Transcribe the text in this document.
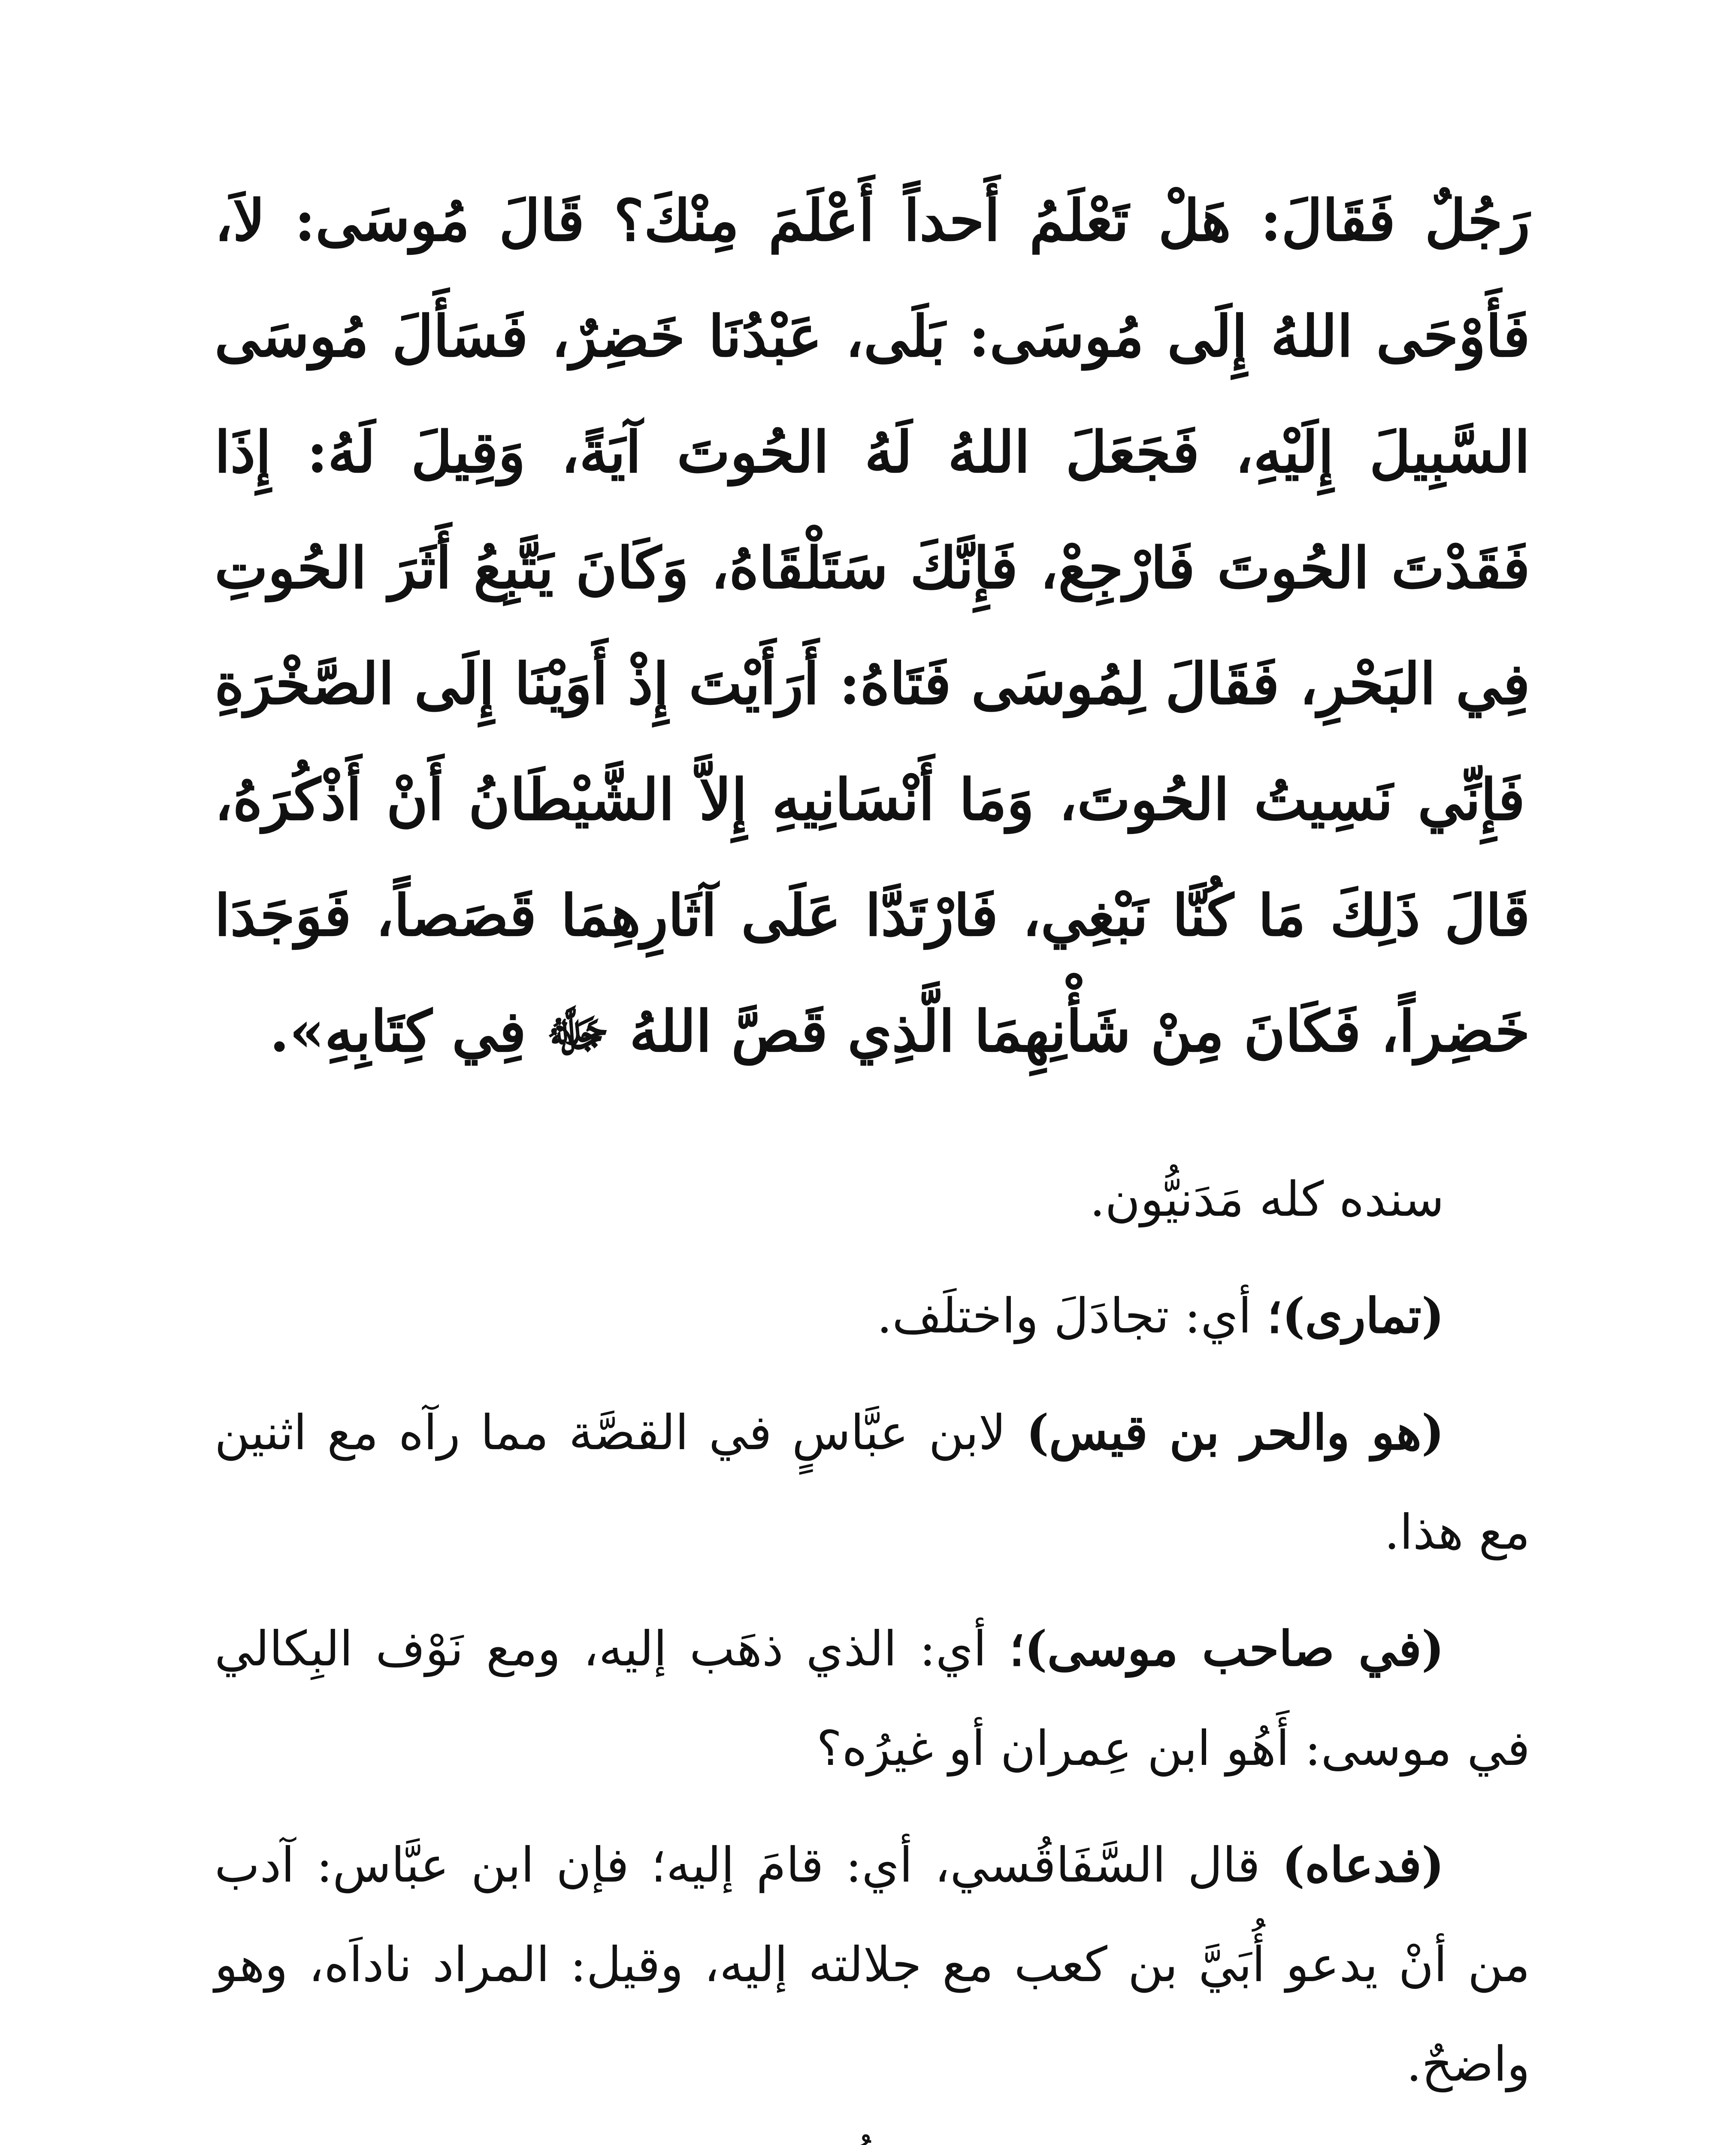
رَجُلٌ فَقَالَ: هَلْ تَعْلَمُ أَحداً أَعْلَمَ مِنْكَ؟ قَالَ مُوسَى: لاَ، فَأَوْحَى اللهُ إِلَى مُوسَى: بَلَى، عَبْدُنَا خَضِرٌ، فَسَأَلَ مُوسَى السَّبِيلَ إِلَيْهِ، فَجَعَلَ اللهُ لَهُ الحُوتَ آيَةً، وَقِيلَ لَهُ: إِذَا فَقَدْتَ الحُوتَ فَارْجِعْ، فَإِنَّكَ سَتَلْقَاهُ، وَكَانَ يَتَّبِعُ أَثَرَ الحُوتِ فِي البَحْرِ، فَقَالَ لِمُوسَى فَتَاهُ: أَرَأَيْتَ إِذْ أَوَيْنَا إِلَى الصَّخْرَةِ فَإِنِّي نَسِيتُ الحُوتَ، وَمَا أَنْسَانِيهِ إِلاَّ الشَّيْطَانُ أَنْ أَذْكُرَهُ، قَالَ ذَلِكَ مَا كُنَّا نَبْغِي، فَارْتَدَّا عَلَى آثَارِهِمَا قَصَصاً، فَوَجَدَا خَضِراً، فَكَانَ مِنْ شَأْنِهِمَا الَّذِي قَصَّ اللهُ ﷻ فِي كِتَابِهِ».

سنده كله مَدَنيُّون.

(تمارى)؛ أي: تجادَلَ واختلَف.

(هو والحر بن قيس) لابن عبَّاسٍ في القصَّة مما رآه مع اثنين مع هذا.

(في صاحب موسى)؛ أي: الذي ذهَب إليه، ومع نَوْف البِكالي في موسى: أَهُو ابن عِمران أو غيرُه؟

(فدعاه) قال السَّفَاقُسي، أي: قامَ إليه؛ فإن ابن عبَّاس: آدب من أنْ يدعو أُبَيَّ بن كعب مع جلالته إليه، وقيل: المراد ناداَه، وهو واضحٌ.
